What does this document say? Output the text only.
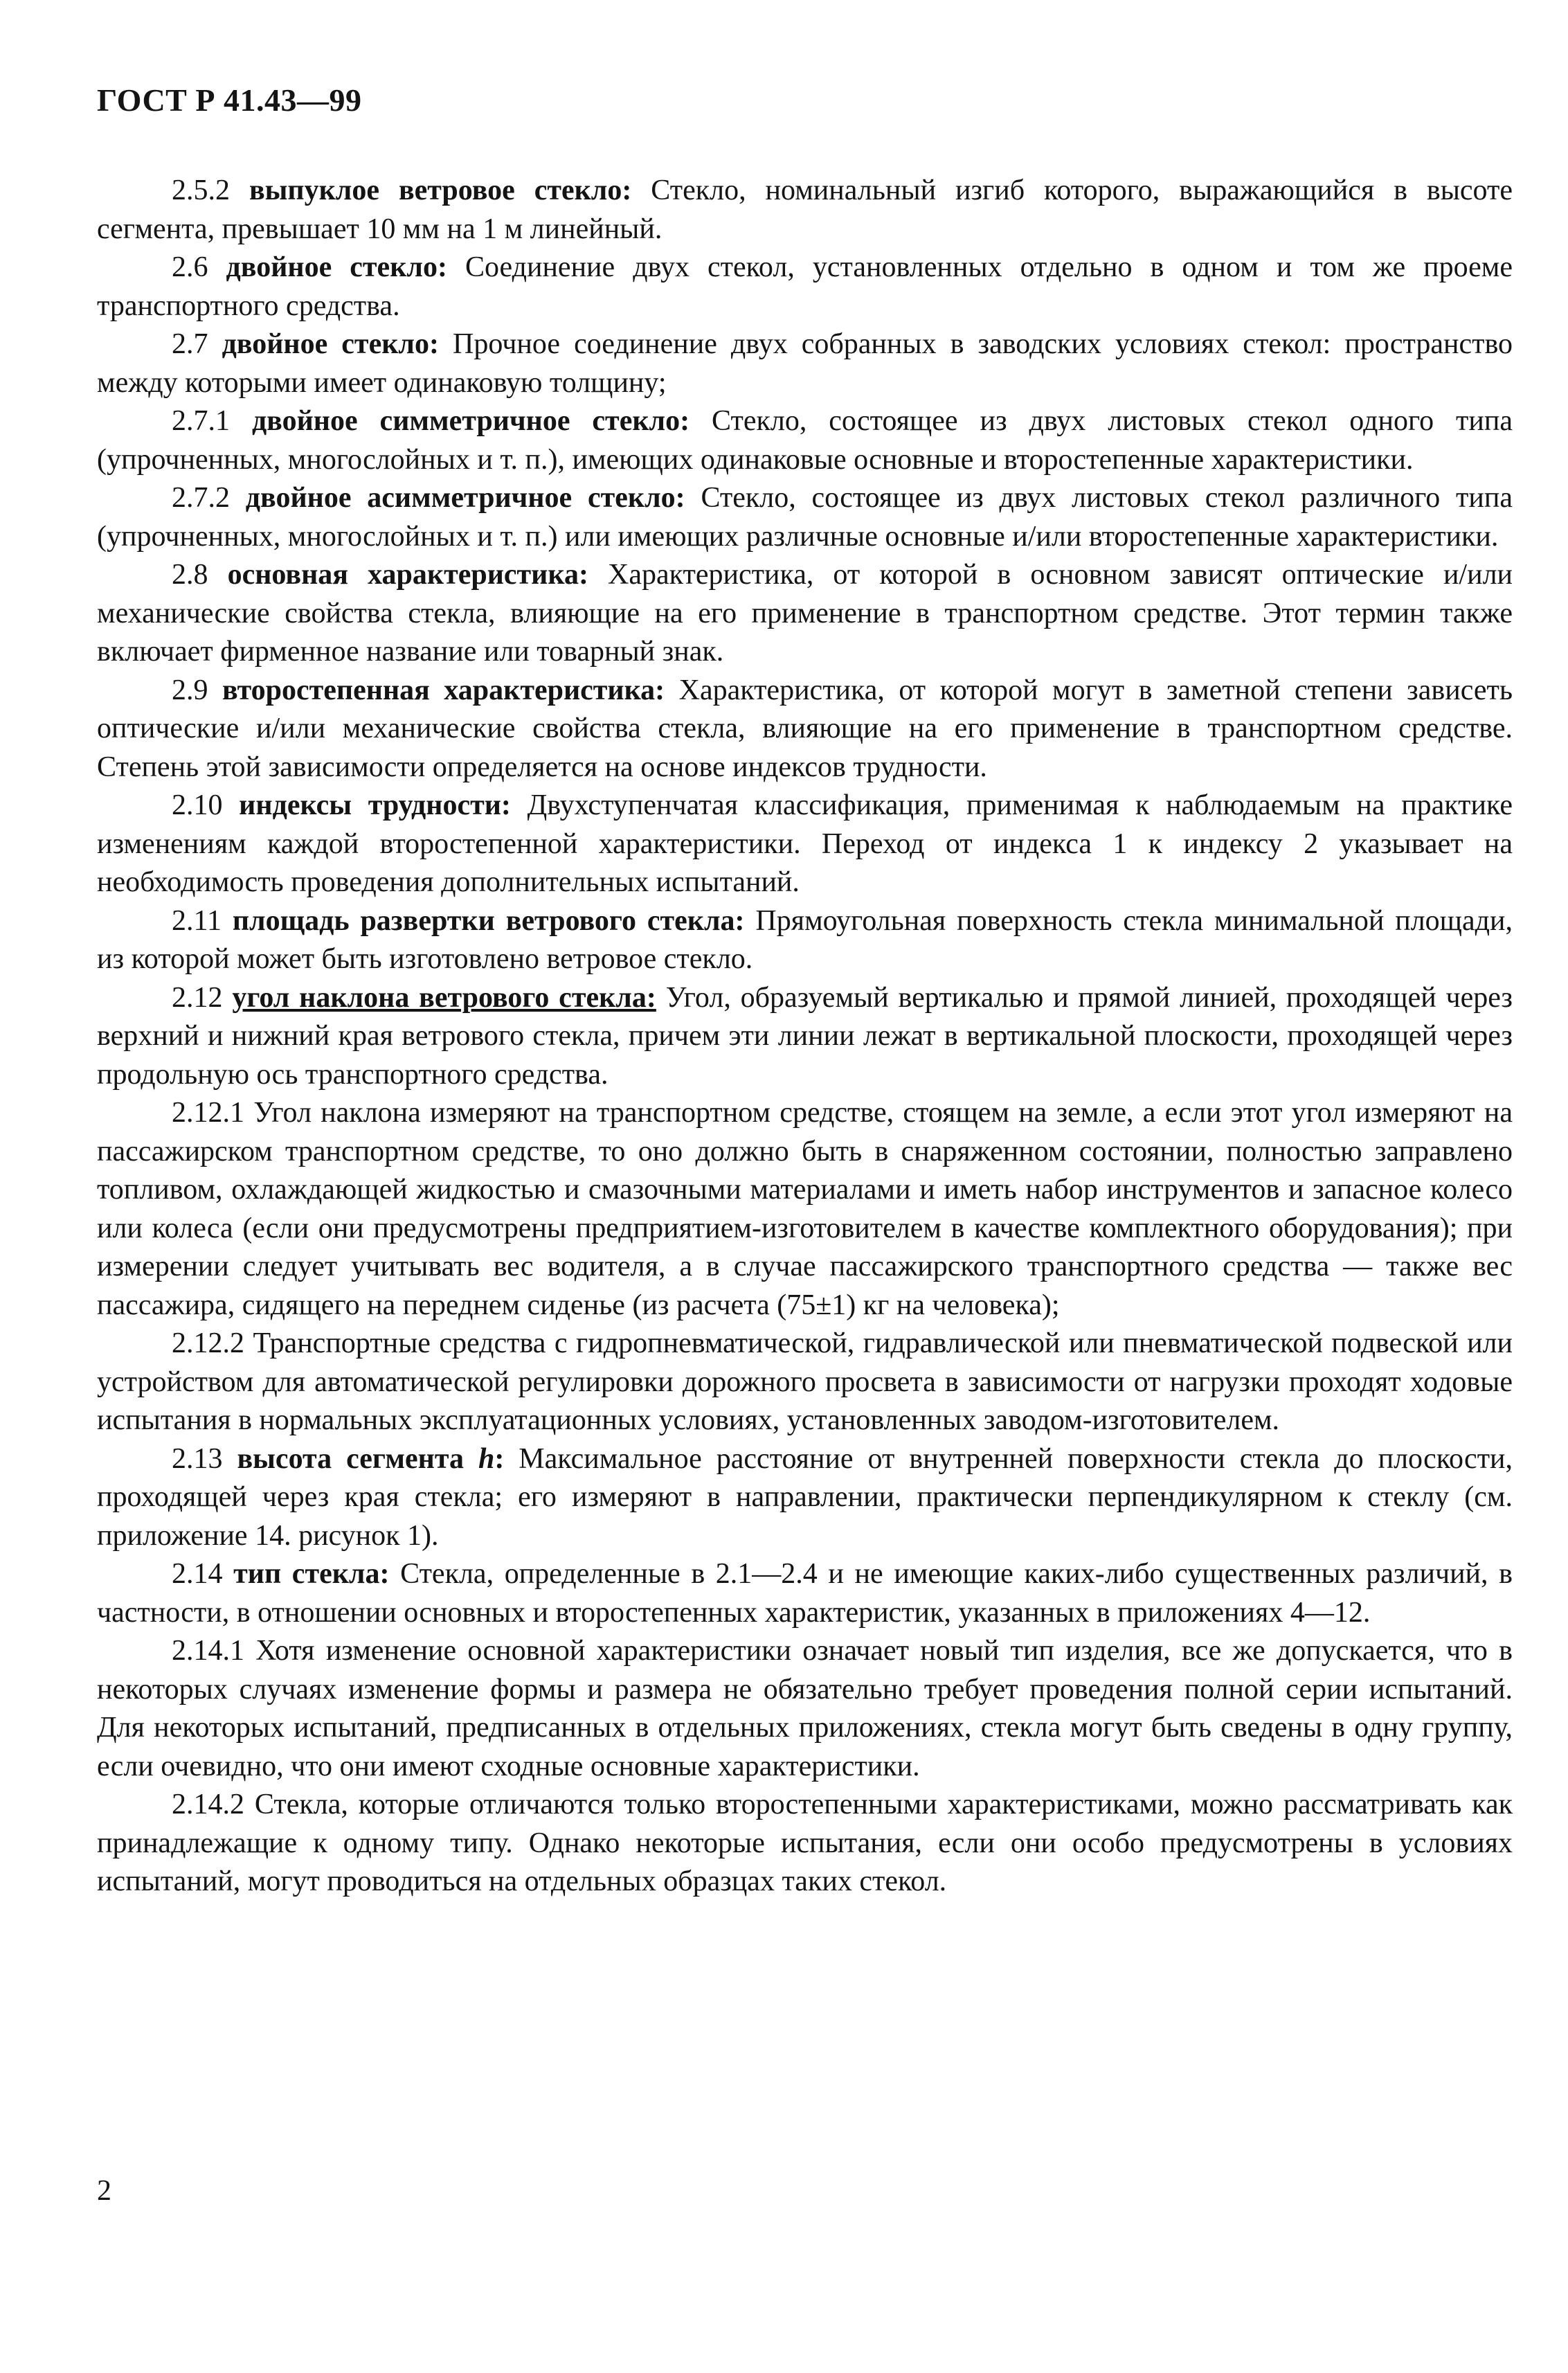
ГОСТ Р 41.43—99

2.5.2 выпуклое ветровое стекло: Стекло, номинальный изгиб которого, выражающийся в высоте сегмента, превышает 10 мм на 1 м линейный.

2.6 двойное стекло: Соединение двух стекол, установленных отдельно в одном и том же проеме транспортного средства.

2.7 двойное стекло: Прочное соединение двух собранных в заводских условиях стекол: пространство между которыми имеет одинаковую толщину;

2.7.1 двойное симметричное стекло: Стекло, состоящее из двух листовых стекол одного типа (упрочненных, многослойных и т. п.), имеющих одинаковые основные и второстепенные характеристики.

2.7.2 двойное асимметричное стекло: Стекло, состоящее из двух листовых стекол различного типа (упрочненных, многослойных и т. п.) или имеющих различные основные и/или второстепенные характеристики.

2.8 основная характеристика: Характеристика, от которой в основном зависят оптические и/или механические свойства стекла, влияющие на его применение в транспортном средстве. Этот термин также включает фирменное название или товарный знак.

2.9 второстепенная характеристика: Характеристика, от которой могут в заметной степени зависеть оптические и/или механические свойства стекла, влияющие на его применение в транспортном средстве. Степень этой зависимости определяется на основе индексов трудности.

2.10 индексы трудности: Двухступенчатая классификация, применимая к наблюдаемым на практике изменениям каждой второстепенной характеристики. Переход от индекса 1 к индексу 2 указывает на необходимость проведения дополнительных испытаний.

2.11 площадь развертки ветрового стекла: Прямоугольная поверхность стекла минимальной площади, из которой может быть изготовлено ветровое стекло.

2.12 угол наклона ветрового стекла: Угол, образуемый вертикалью и прямой линией, проходящей через верхний и нижний края ветрового стекла, причем эти линии лежат в вертикальной плоскости, проходящей через продольную ось транспортного средства.

2.12.1 Угол наклона измеряют на транспортном средстве, стоящем на земле, а если этот угол измеряют на пассажирском транспортном средстве, то оно должно быть в снаряженном состоянии, полностью заправлено топливом, охлаждающей жидкостью и смазочными материалами и иметь набор инструментов и запасное колесо или колеса (если они предусмотрены предприятием-изготовителем в качестве комплектного оборудования); при измерении следует учитывать вес водителя, а в случае пассажирского транспортного средства — также вес пассажира, сидящего на переднем сиденье (из расчета (75±1) кг на человека);

2.12.2 Транспортные средства с гидропневматической, гидравлической или пневматической подвеской или устройством для автоматической регулировки дорожного просвета в зависимости от нагрузки проходят ходовые испытания в нормальных эксплуатационных условиях, установленных заводом-изготовителем.

2.13 высота сегмента h: Максимальное расстояние от внутренней поверхности стекла до плоскости, проходящей через края стекла; его измеряют в направлении, практически перпендикулярном к стеклу (см. приложение 14. рисунок 1).

2.14 тип стекла: Стекла, определенные в 2.1—2.4 и не имеющие каких-либо существенных различий, в частности, в отношении основных и второстепенных характеристик, указанных в приложениях 4—12.

2.14.1 Хотя изменение основной характеристики означает новый тип изделия, все же допускается, что в некоторых случаях изменение формы и размера не обязательно требует проведения полной серии испытаний. Для некоторых испытаний, предписанных в отдельных приложениях, стекла могут быть сведены в одну группу, если очевидно, что они имеют сходные основные характеристики.

2.14.2 Стекла, которые отличаются только второстепенными характеристиками, можно рассматривать как принадлежащие к одному типу. Однако некоторые испытания, если они особо предусмотрены в условиях испытаний, могут проводиться на отдельных образцах таких стекол.

2
